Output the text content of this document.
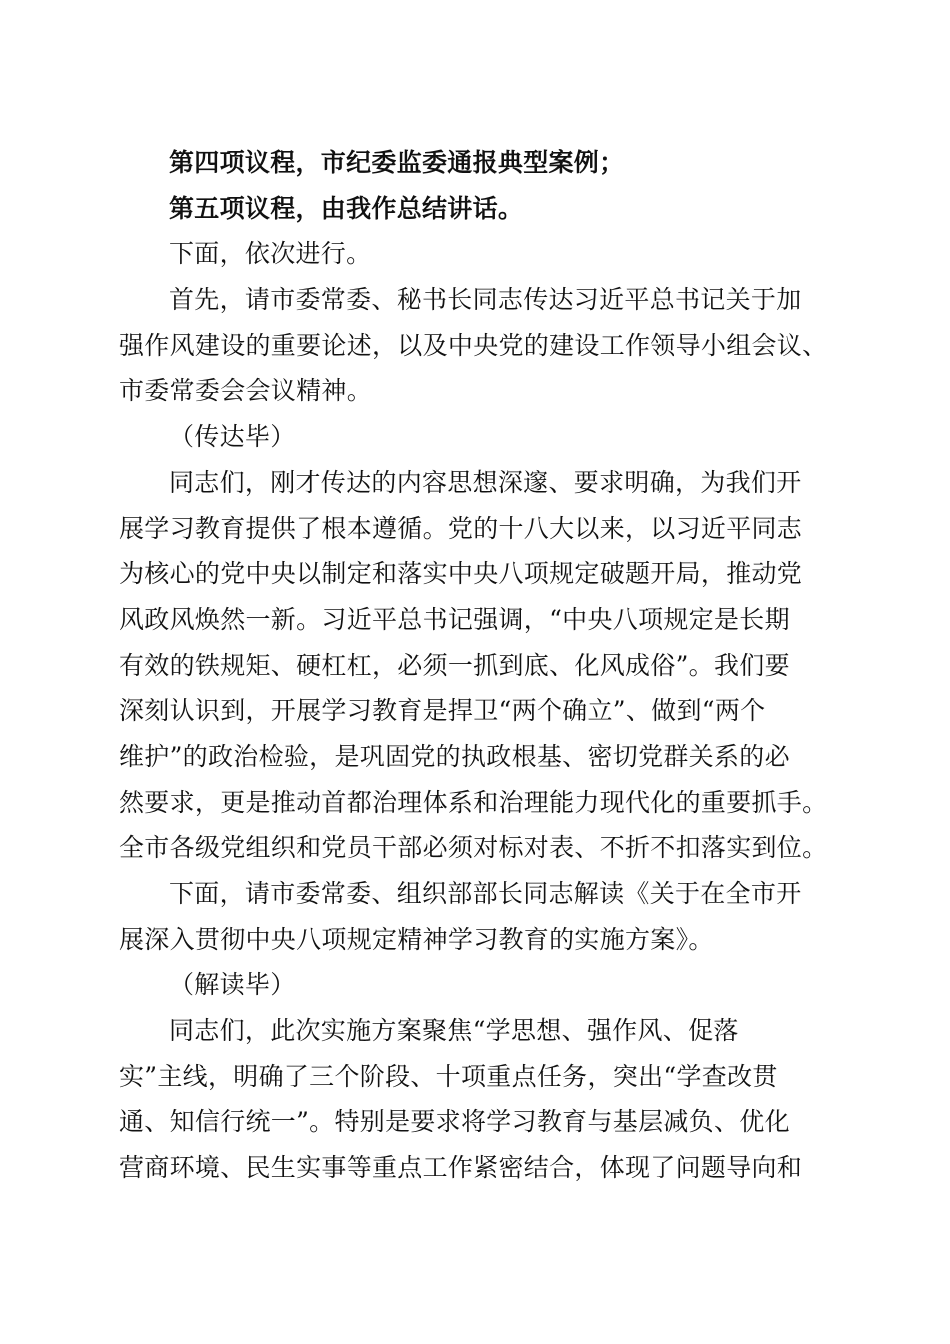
第四项议程，市纪委监委通报典型案例；
第五项议程，由我作总结讲话。
下面，依次进行。
首先，请市委常委、秘书长同志传达习近平总书记关于加
强作风建设的重要论述，以及中央党的建设工作领导小组会议、
市委常委会会议精神。
（传达毕）
同志们，刚才传达的内容思想深邃、要求明确，为我们开
展学习教育提供了根本遵循。党的十八大以来，以习近平同志
为核心的党中央以制定和落实中央八项规定破题开局，推动党
风政风焕然一新。习近平总书记强调，“中央八项规定是长期
有效的铁规矩、硬杠杠，必须一抓到底、化风成俗”。我们要
深刻认识到，开展学习教育是捍卫“两个确立”、做到“两个
维护”的政治检验，是巩固党的执政根基、密切党群关系的必
然要求，更是推动首都治理体系和治理能力现代化的重要抓手。
全市各级党组织和党员干部必须对标对表、不折不扣落实到位。
下面，请市委常委、组织部部长同志解读《关于在全市开
展深入贯彻中央八项规定精神学习教育的实施方案》。
（解读毕）
同志们，此次实施方案聚焦“学思想、强作风、促落
实”主线，明确了三个阶段、十项重点任务，突出“学查改贯
通、知信行统一”。特别是要求将学习教育与基层减负、优化
营商环境、民生实事等重点工作紧密结合，体现了问题导向和
